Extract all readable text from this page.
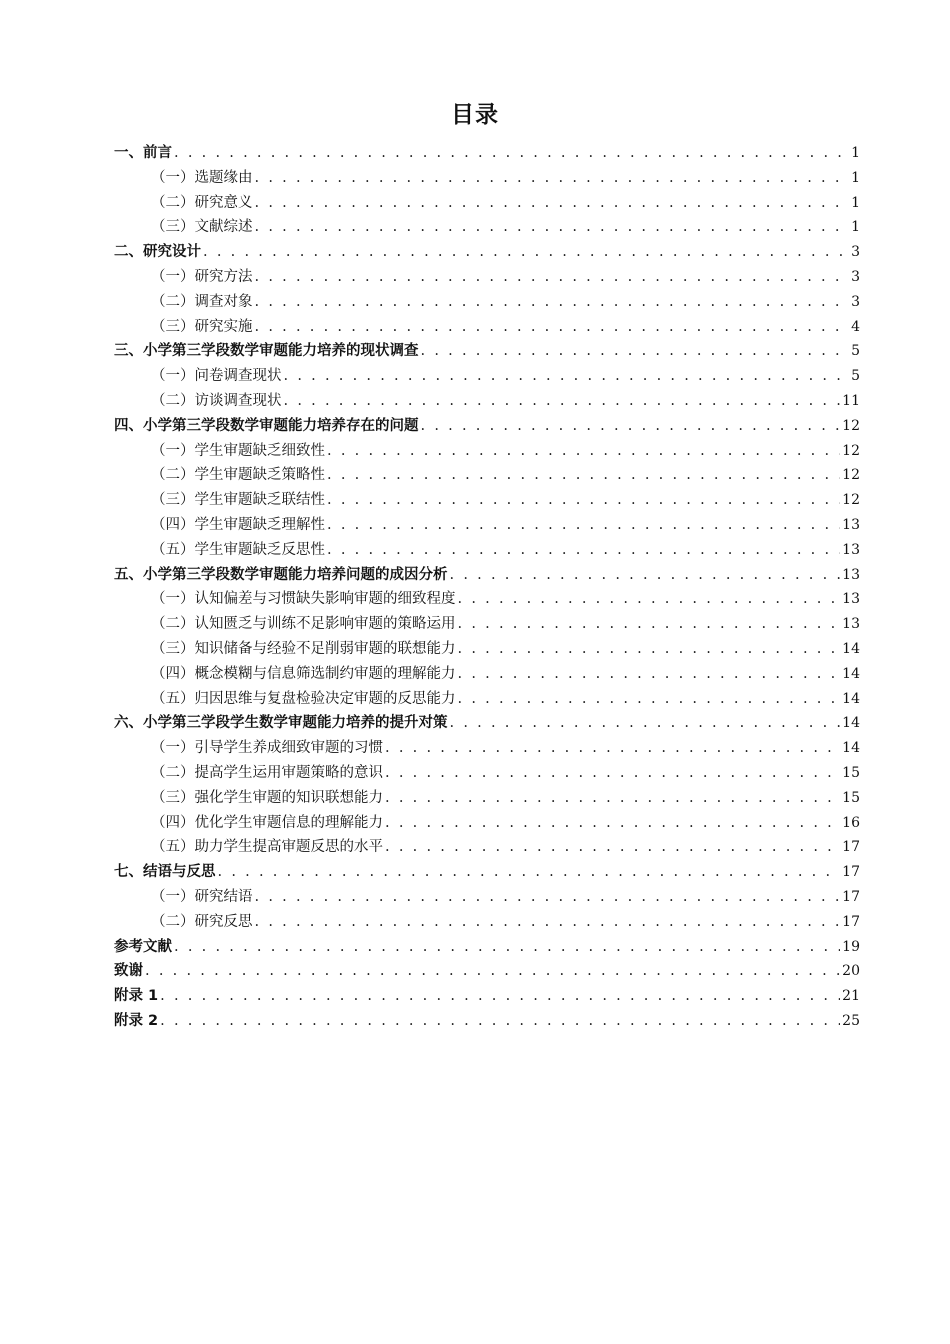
目录
一、前言 . . .	1
（一）选题缘由 . . .	1
（二）研究意义 . . .	1
（三）文献综述 . . .	1
二、研究设计 . . .	3
（一）研究方法 . . .	3
（二）调查对象 . . .	3
（三）研究实施 . . .	4
三、小学第三学段数学审题能力培养的现状调查 . . .	5
（一）问卷调查现状 . . .	5
（二）访谈调查现状 . . .	11
四、小学第三学段数学审题能力培养存在的问题 . . .	12
（一）学生审题缺乏细致性 . . .	12
（二）学生审题缺乏策略性 . . .	12
（三）学生审题缺乏联结性 . . .	12
（四）学生审题缺乏理解性 . . .	13
（五）学生审题缺乏反思性 . . .	13
五、小学第三学段数学审题能力培养问题的成因分析 . . .	13
（一）认知偏差与习惯缺失影响审题的细致程度 . . .	13
（二）认知匮乏与训练不足影响审题的策略运用 . . .	13
（三）知识储备与经验不足削弱审题的联想能力 . . .	14
（四）概念模糊与信息筛选制约审题的理解能力 . . .	14
（五）归因思维与复盘检验决定审题的反思能力 . . .	14
六、小学第三学段学生数学审题能力培养的提升对策 . . .	14
（一）引导学生养成细致审题的习惯 . . .	14
（二）提高学生运用审题策略的意识 . . .	15
（三）强化学生审题的知识联想能力 . . .	15
（四）优化学生审题信息的理解能力 . . .	16
（五）助力学生提高审题反思的水平 . . .	17
七、结语与反思 . . .	17
（一）研究结语 . . .	17
（二）研究反思 . . .	17
参考文献 . . .	19
致谢 . . .	20
附录 1 . . .	21
附录 2 . . .	25
